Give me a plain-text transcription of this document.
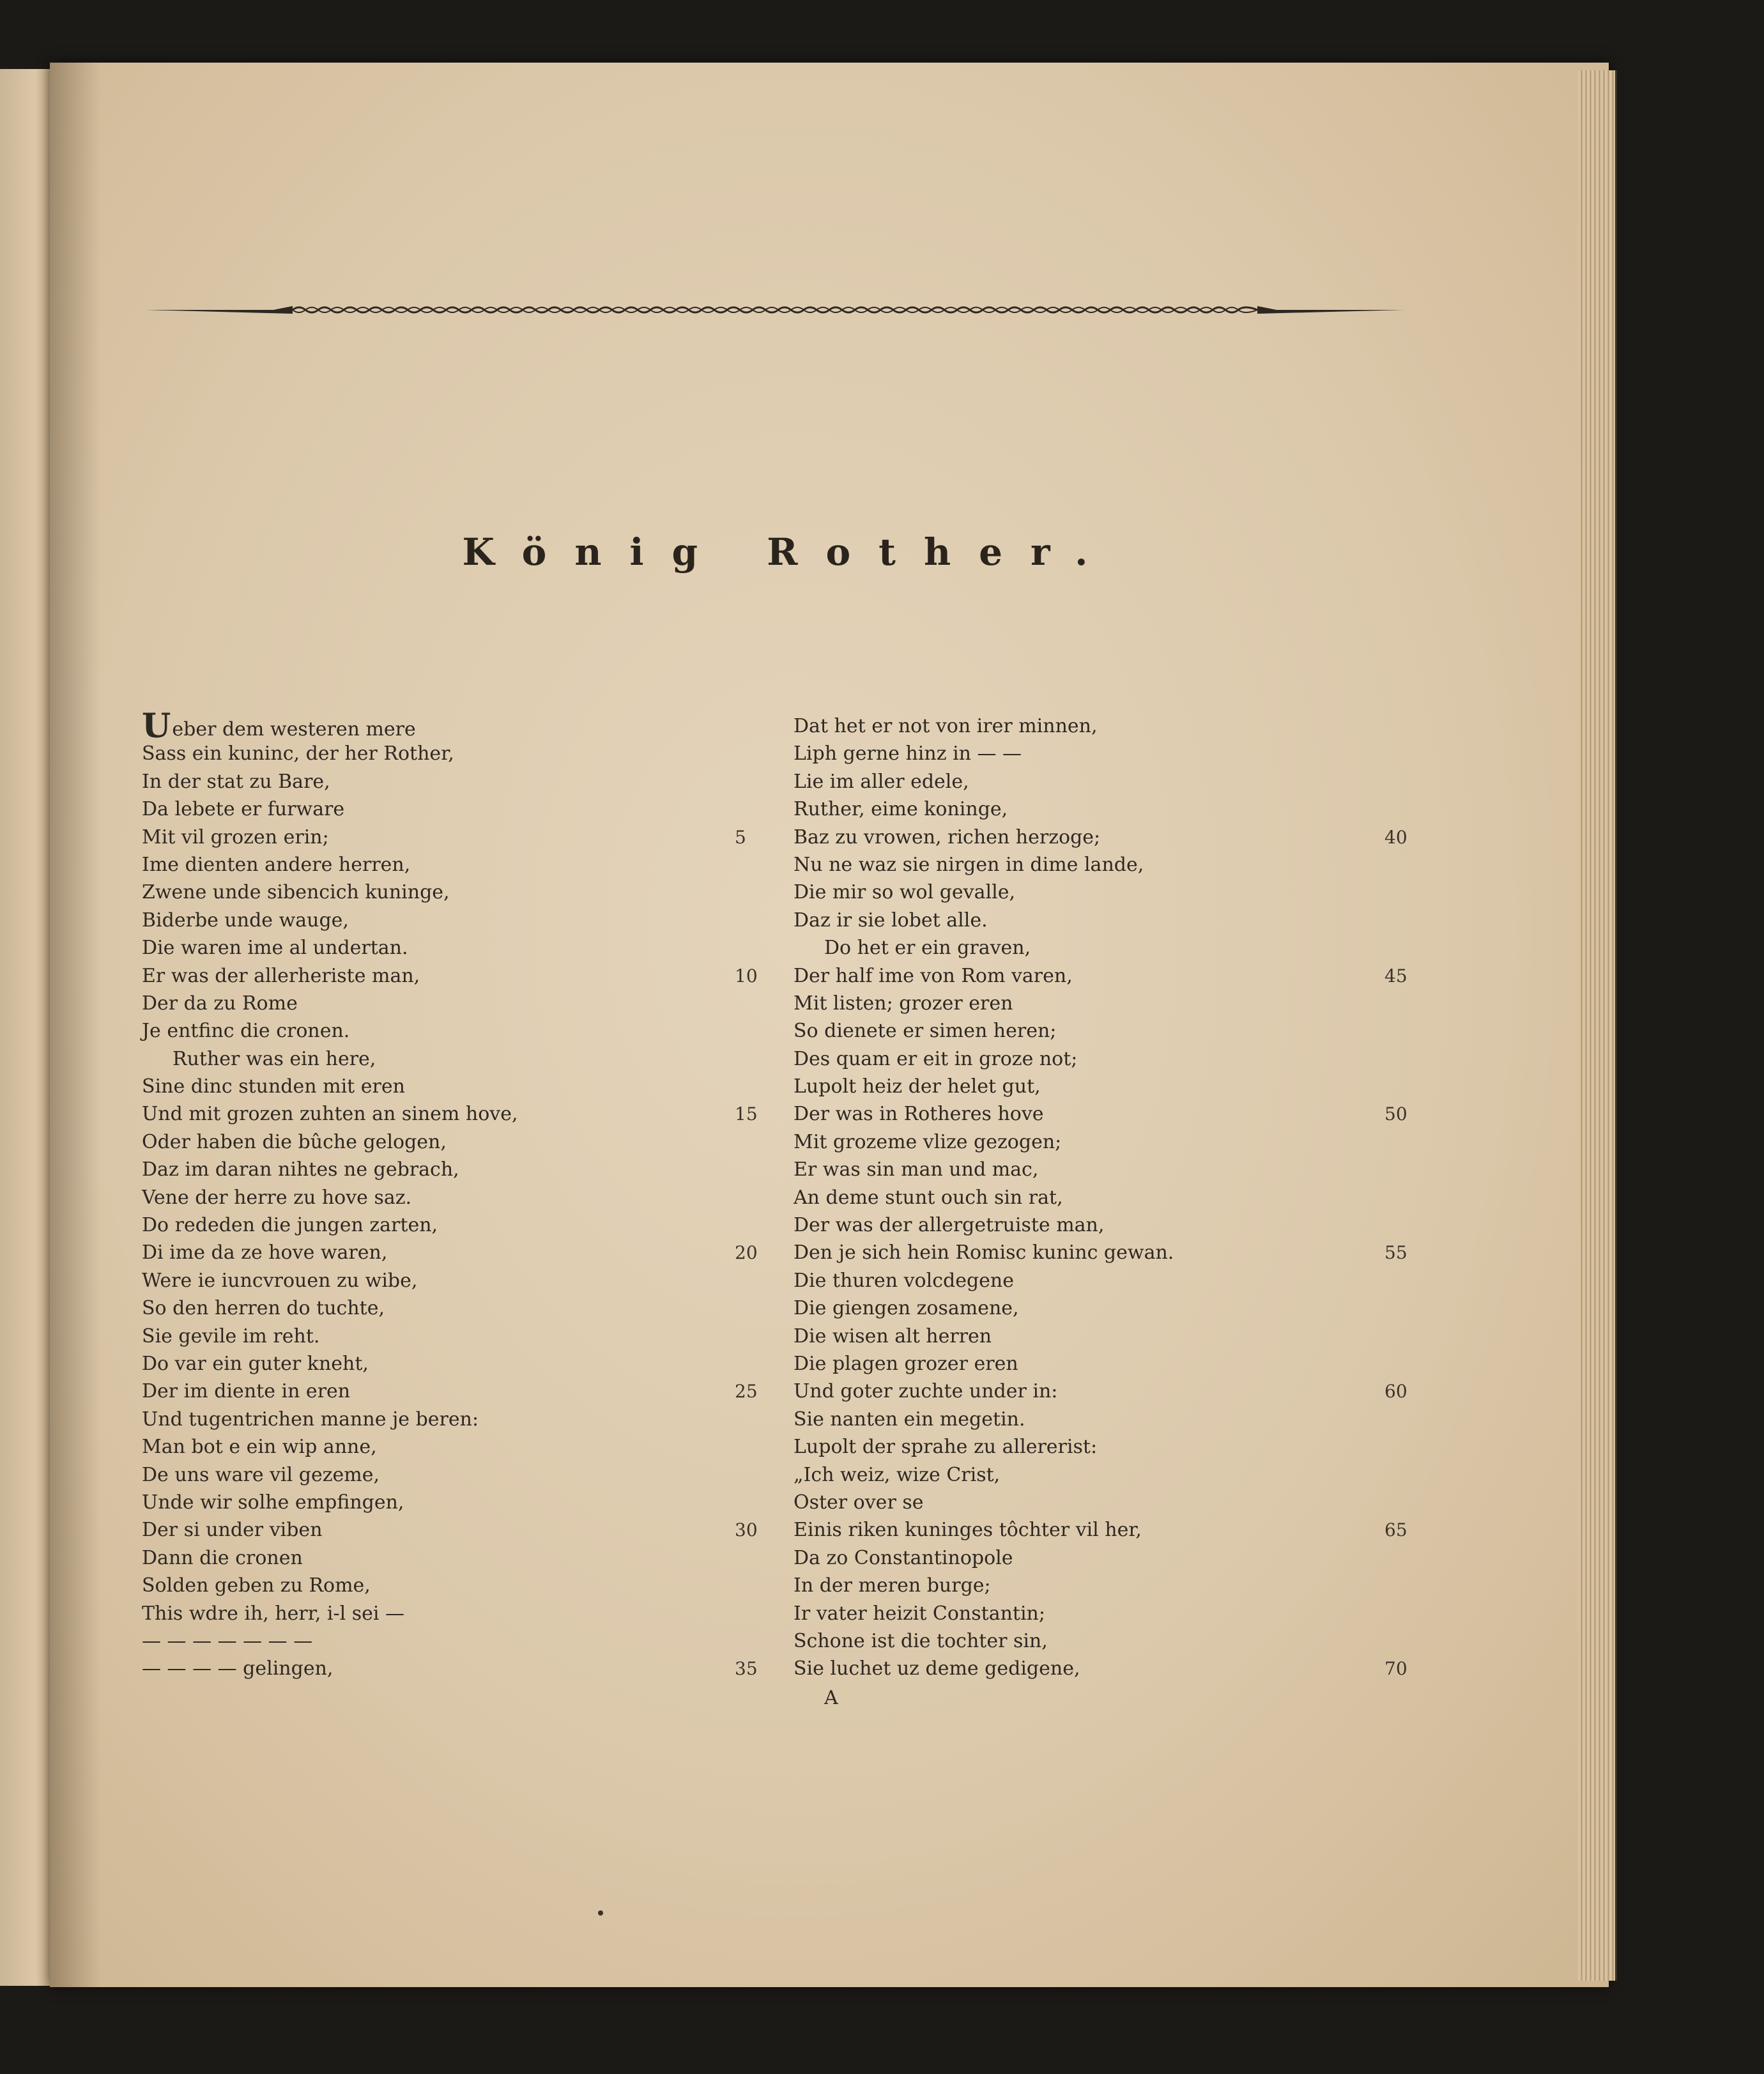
König Rother.
Ueber dem westeren mere
Sass ein kuninc, der her Rother,
In der stat zu Bare,
Da lebete er furware
Mit vil grozen erin;	5
Ime dienten andere herren,
Zwene unde sibencich kuninge,
Biderbe unde wauge,
Die waren ime al undertan.
Er was der allerheriste man,	10
Der da zu Rome
Je entfinc die cronen.
Ruther was ein here,
Sine dinc stunden mit eren
Und mit grozen zuhten an sinem hove,	15
Oder haben die bûche gelogen,
Daz im daran nihtes ne gebrach,
Vene der herre zu hove saz.
Do rededen die jungen zarten,
Di ime da ze hove waren,	20
Were ie iuncvrouen zu wibe,
So den herren do tuchte,
Sie gevile im reht.
Do var ein guter kneht,
Der im diente in eren	25
Und tugentrichen manne je beren:
Man bot e ein wip anne,
De uns ware vil gezeme,
Unde wir solhe empfingen,
Der si under viben	30
Dann die cronen
Solden geben zu Rome,
This wdre ih, herr, i-l sei —
— — — — — — —
— — — — gelingen,	35
Dat het er not von irer minnen,
Liph gerne hinz in — —
Lie im aller edele,
Ruther, eime koninge,
Baz zu vrowen, richen herzoge;	40
Nu ne waz sie nirgen in dime lande,
Die mir so wol gevalle,
Daz ir sie lobet alle.
Do het er ein graven,
Der half ime von Rom varen,	45
Mit listen; grozer eren
So dienete er simen heren;
Des quam er eit in groze not;
Lupolt heiz der helet gut,
Der was in Rotheres hove	50
Mit grozeme vlize gezogen;
Er was sin man und mac,
An deme stunt ouch sin rat,
Der was der allergetruiste man,
Den je sich hein Romisc kuninc gewan.	55
Die thuren volcdegene
Die giengen zosamene,
Die wisen alt herren
Die plagen grozer eren
Und goter zuchte under in:	60
Sie nanten ein megetin.
Lupolt der sprahe zu allererist:
„Ich weiz, wize Crist,
Oster over se
Einis riken kuninges tôchter vil her,	65
Da zo Constantinopole
In der meren burge;
Ir vater heizit Constantin;
Schone ist die tochter sin,
Sie luchet uz deme gedigene,	70
A
